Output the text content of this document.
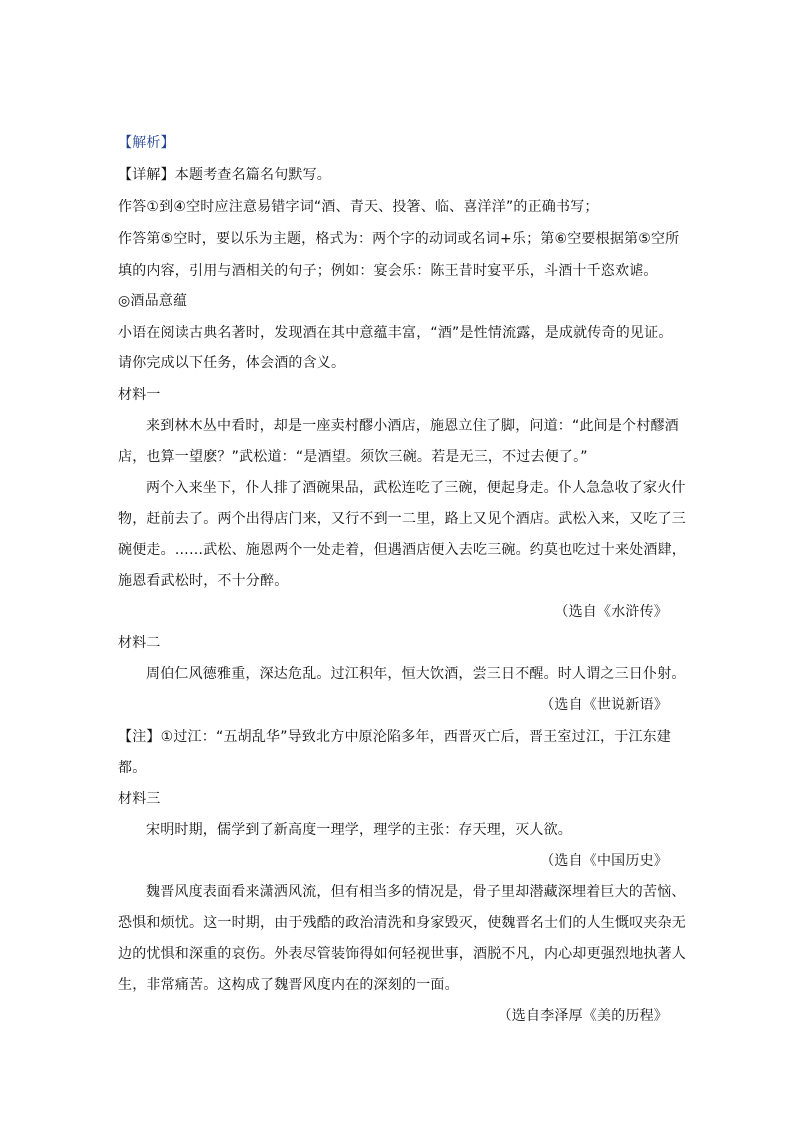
【解析】
【详解】本题考查名篇名句默写。
作答①到④空时应注意易错字词“酒、青天、投箸、临、喜洋洋”的正确书写；
作答第⑤空时，要以乐为主题，格式为：两个字的动词或名词+乐；第⑥空要根据第⑤空所
填的内容，引用与酒相关的句子；例如：宴会乐：陈王昔时宴平乐，斗酒十千恣欢谑。
◎酒品意蕴
小语在阅读古典名著时，发现酒在其中意蕴丰富，“酒”是性情流露，是成就传奇的见证。
请你完成以下任务，体会酒的含义。
材料一
来到林木丛中看时，却是一座卖村醪小酒店，施恩立住了脚，问道：“此间是个村醪酒
店，也算一望麽？”武松道：“是酒望。须饮三碗。若是无三，不过去便了。”
两个入来坐下，仆人排了酒碗果品，武松连吃了三碗，便起身走。仆人急急收了家火什
物，赶前去了。两个出得店门来，又行不到一二里，路上又见个酒店。武松入来，又吃了三
碗便走。……武松、施恩两个一处走着，但遇酒店便入去吃三碗。约莫也吃过十来处酒肆，
施恩看武松时，不十分醉。
（选自《水浒传》
材料二
周伯仁风德雅重，深达危乱。过江积年，恒大饮酒，尝三日不醒。时人谓之三日仆射。
（选自《世说新语》
【注】①过江：“五胡乱华”导致北方中原沦陷多年，西晋灭亡后，晋王室过江，于江东建
都。
材料三
宋明时期，儒学到了新高度一理学，理学的主张：存天理，灭人欲。
（选自《中国历史》
魏晋风度表面看来潇洒风流，但有相当多的情况是，骨子里却潜藏深埋着巨大的苦恼、
恐惧和烦忧。这一时期，由于残酷的政治清洗和身家毁灭，使魏晋名士们的人生慨叹夹杂无
边的忧惧和深重的哀伤。外表尽管装饰得如何轻视世事，酒脱不凡，内心却更强烈地执著人
生，非常痛苦。这构成了魏晋风度内在的深刻的一面。
（选自李泽厚《美的历程》
